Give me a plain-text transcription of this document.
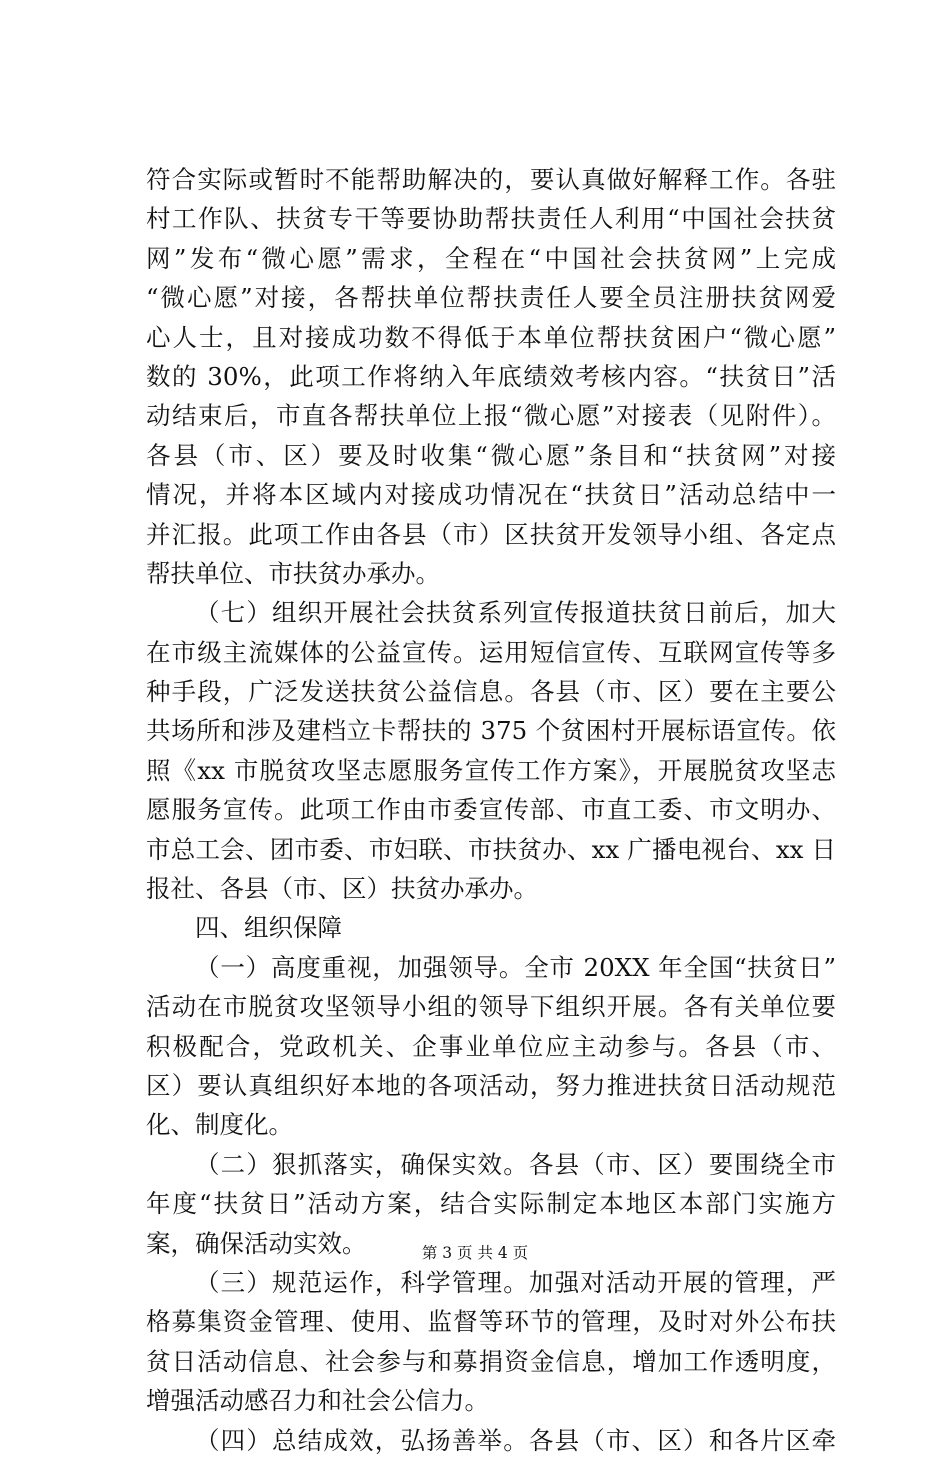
符合实际或暂时不能帮助解决的，要认真做好解释工作。各驻
村工作队、扶贫专干等要协助帮扶责任人利用“中国社会扶贫
网”发布“微心愿”需求，全程在“中国社会扶贫网”上完成
“微心愿”对接，各帮扶单位帮扶责任人要全员注册扶贫网爱
心人士，且对接成功数不得低于本单位帮扶贫困户“微心愿”
数的 30%，此项工作将纳入年底绩效考核内容。“扶贫日”活
动结束后，市直各帮扶单位上报“微心愿”对接表（见附件）。
各县（市、区）要及时收集“微心愿”条目和“扶贫网”对接
情况，并将本区域内对接成功情况在“扶贫日”活动总结中一
并汇报。此项工作由各县（市）区扶贫开发领导小组、各定点
帮扶单位、市扶贫办承办。
（七）组织开展社会扶贫系列宣传报道扶贫日前后，加大
在市级主流媒体的公益宣传。运用短信宣传、互联网宣传等多
种手段，广泛发送扶贫公益信息。各县（市、区）要在主要公
共场所和涉及建档立卡帮扶的 375 个贫困村开展标语宣传。依
照《xx 市脱贫攻坚志愿服务宣传工作方案》，开展脱贫攻坚志
愿服务宣传。此项工作由市委宣传部、市直工委、市文明办、
市总工会、团市委、市妇联、市扶贫办、xx 广播电视台、xx 日
报社、各县（市、区）扶贫办承办。
四、组织保障
（一）高度重视，加强领导。全市 20XX 年全国“扶贫日”
活动在市脱贫攻坚领导小组的领导下组织开展。各有关单位要
积极配合，党政机关、企事业单位应主动参与。各县（市、
区）要认真组织好本地的各项活动，努力推进扶贫日活动规范
化、制度化。
（二）狠抓落实，确保实效。各县（市、区）要围绕全市
年度“扶贫日”活动方案，结合实际制定本地区本部门实施方
案，确保活动实效。
（三）规范运作，科学管理。加强对活动开展的管理，严
格募集资金管理、使用、监督等环节的管理，及时对外公布扶
贫日活动信息、社会参与和募捐资金信息，增加工作透明度，
增强活动感召力和社会公信力。
（四）总结成效，弘扬善举。各县（市、区）和各片区牵
第 3 页 共 4 页
